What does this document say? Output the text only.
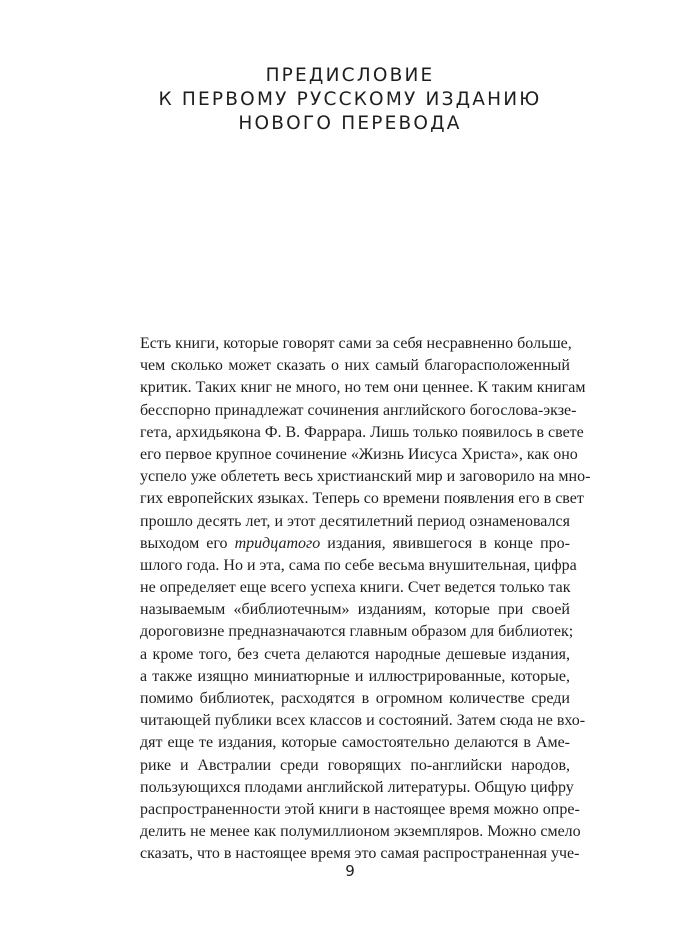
ПРЕДИСЛОВИЕ
К ПЕРВОМУ РУССКОМУ ИЗДАНИЮ
НОВОГО ПЕРЕВОДА
Есть книги, которые говорят сами за себя несравненно больше,
чем сколько может сказать о них самый благорасположенный
критик. Таких книг не много, но тем они ценнее. К таким книгам
бесспорно принадлежат сочинения английского богослова-экзе-
гета, архидьякона Ф. В. Фаррара. Лишь только появилось в свете
его первое крупное сочинение «Жизнь Иисуса Христа», как оно
успело уже облететь весь христианский мир и заговорило на мно-
гих европейских языках. Теперь со времени появления его в свет
прошло десять лет, и этот десятилетний период ознаменовался
выходом его тридцатого издания, явившегося в конце про-
шлого года. Но и эта, сама по себе весьма внушительная, цифра
не определяет еще всего успеха книги. Счет ведется только так
называемым «библиотечным» изданиям, которые при своей
дороговизне предназначаются главным образом для библиотек;
а кроме того, без счета делаются народные дешевые издания,
а также изящно миниатюрные и иллюстрированные, которые,
помимо библиотек, расходятся в огромном количестве среди
читающей публики всех классов и состояний. Затем сюда не вхо-
дят еще те издания, которые самостоятельно делаются в Аме-
рике и Австралии среди говорящих по-английски народов,
пользующихся плодами английской литературы. Общую цифру
распространенности этой книги в настоящее время можно опре-
делить не менее как полумиллионом экземпляров. Можно смело
сказать, что в настоящее время это самая распространенная уче-
9
